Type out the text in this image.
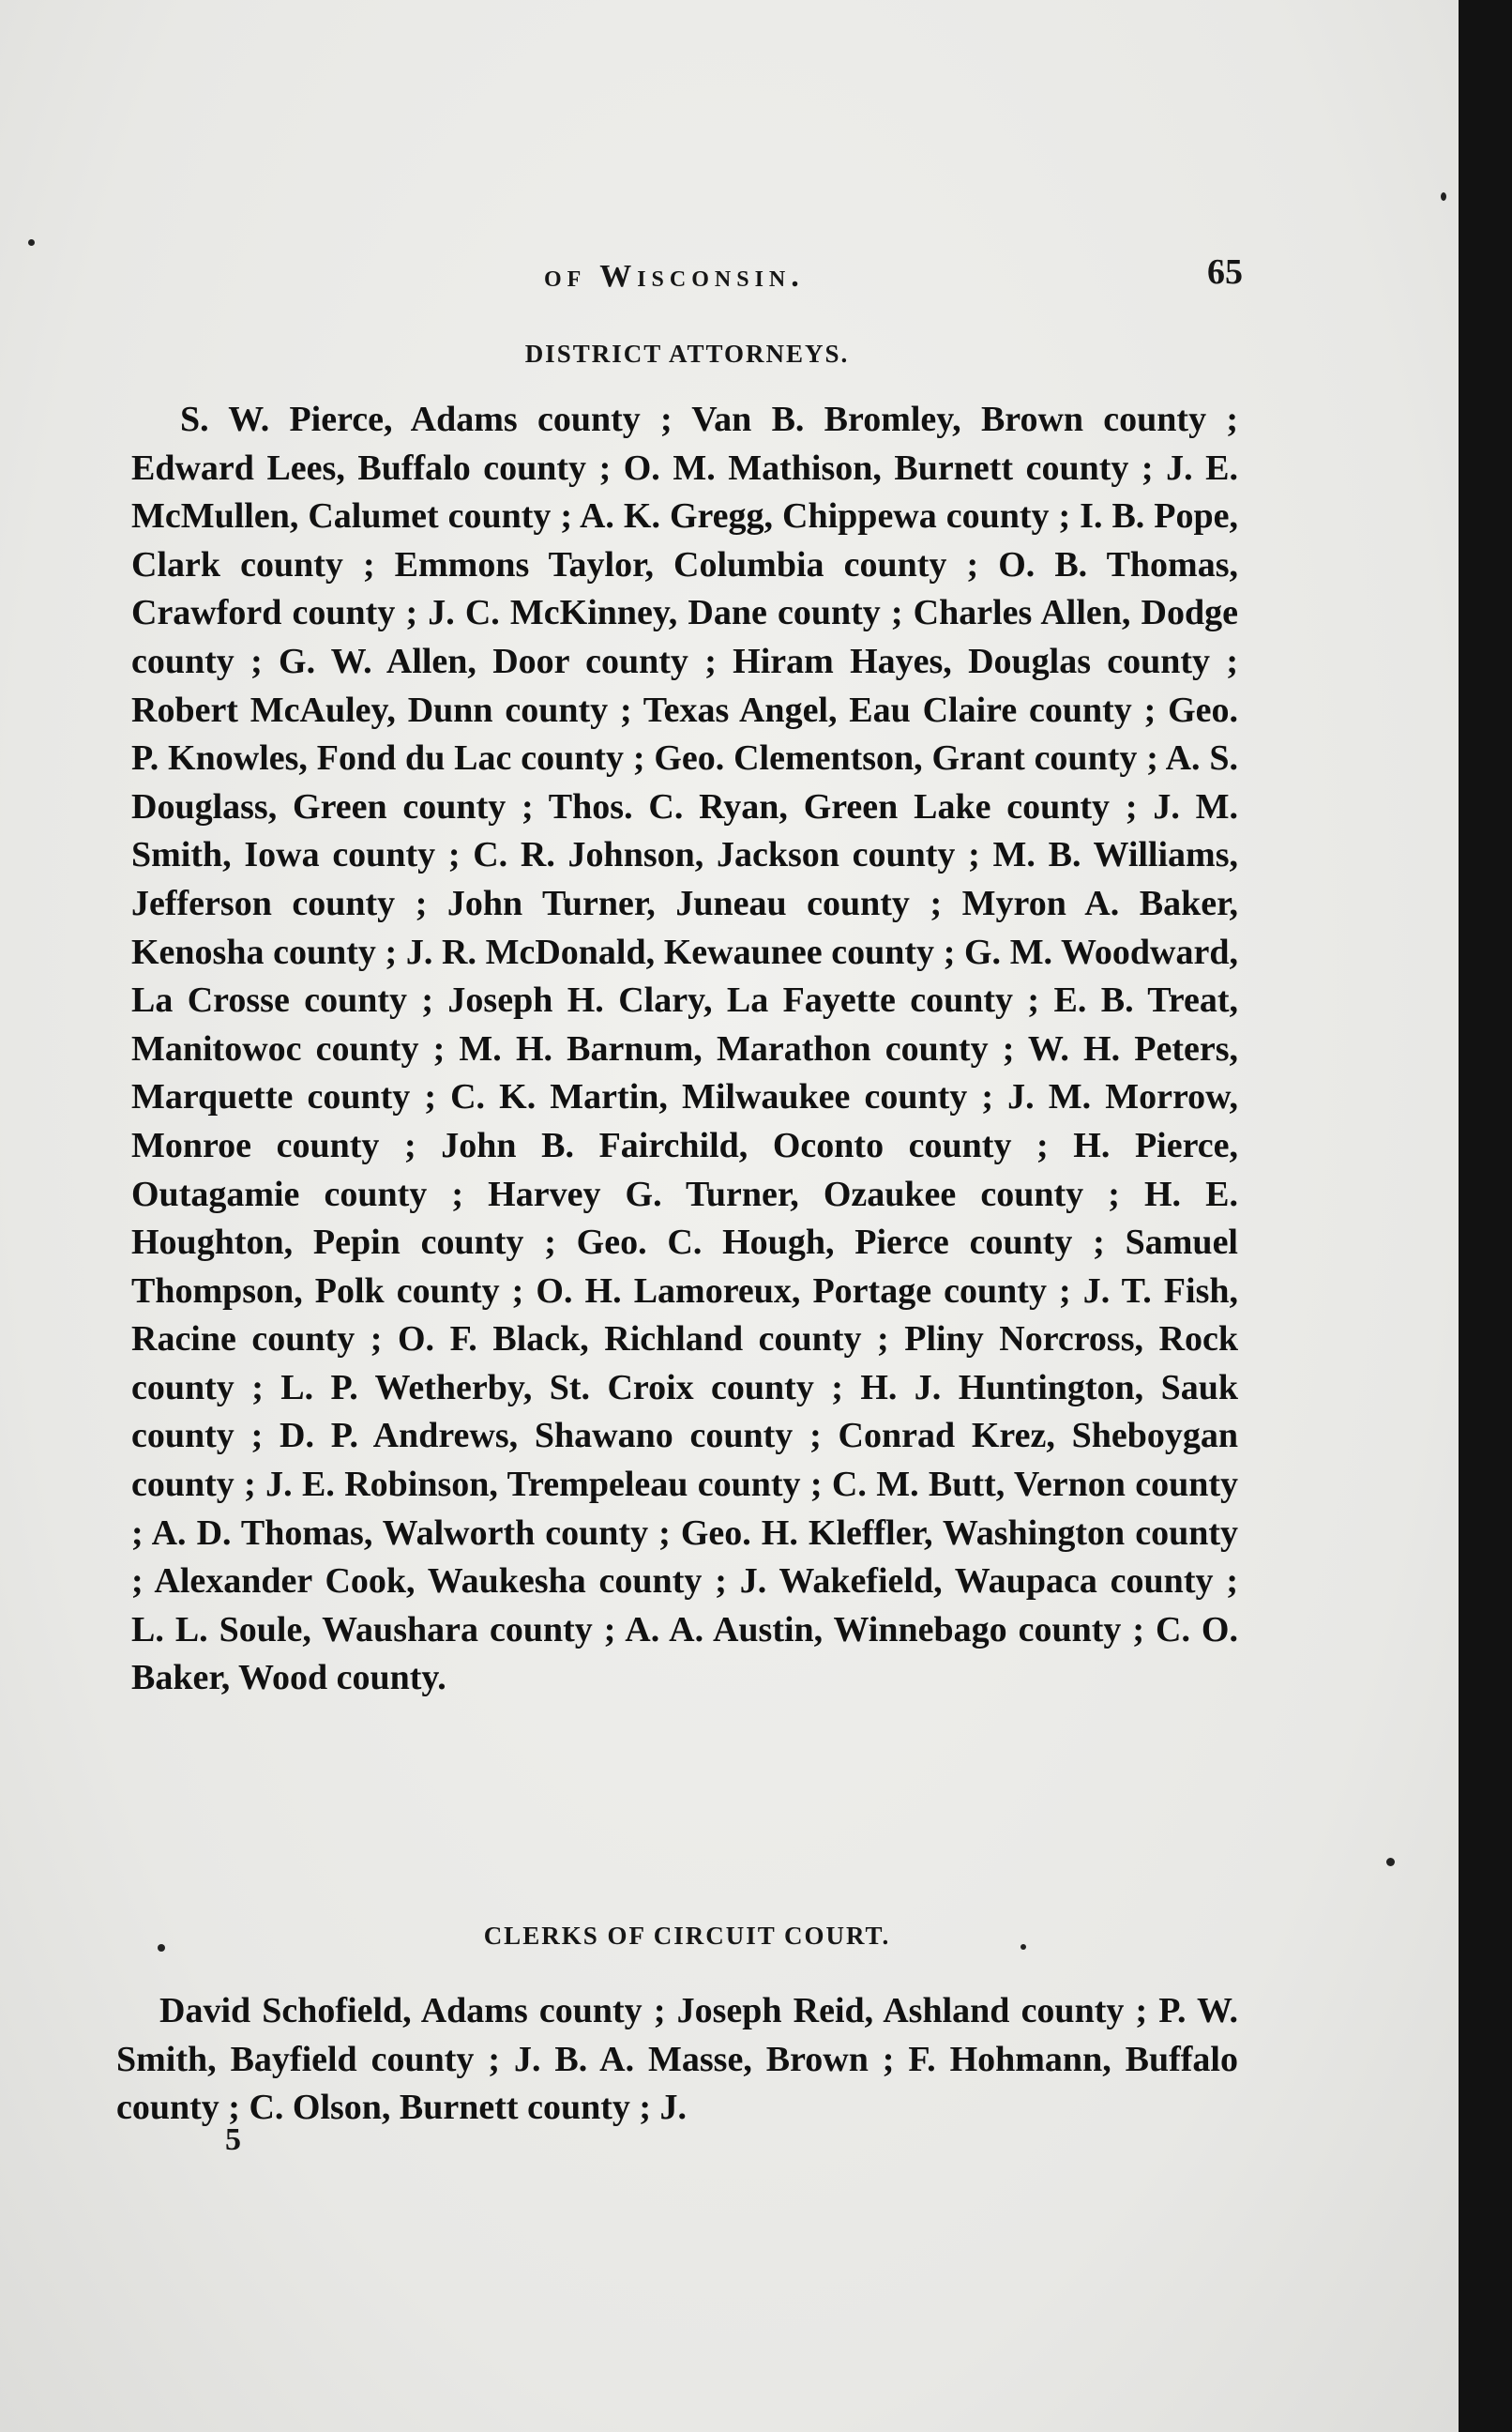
of Wisconsin.	65
DISTRICT ATTORNEYS.
S. W. Pierce, Adams county ; Van B. Bromley, Brown county ; Edward Lees, Buffalo county ; O. M. Mathison, Burnett county ; J. E. McMullen, Calumet county ; A. K. Gregg, Chippewa county ; I. B. Pope, Clark county ; Emmons Taylor, Columbia county ; O. B. Thomas, Crawford county ; J. C. McKinney, Dane county ; Charles Allen, Dodge county ; G. W. Allen, Door county ; Hiram Hayes, Douglas county ; Robert McAuley, Dunn county ; Texas Angel, Eau Claire county ; Geo. P. Knowles, Fond du Lac county ; Geo. Clementson, Grant county ; A. S. Douglass, Green county ; Thos. C. Ryan, Green Lake county ; J. M. Smith, Iowa county ; C. R. Johnson, Jackson county ; M. B. Williams, Jefferson county ; John Turner, Juneau county ; Myron A. Baker, Kenosha county ; J. R. McDonald, Kewaunee county ; G. M. Woodward, La Crosse county ; Joseph H. Clary, La Fayette county ; E. B. Treat, Manitowoc county ; M. H. Barnum, Marathon county ; W. H. Peters, Marquette county ; C. K. Martin, Milwaukee county ; J. M. Morrow, Monroe county ; John B. Fairchild, Oconto county ; H. Pierce, Outagamie county ; Harvey G. Turner, Ozaukee county ; H. E. Houghton, Pepin county ; Geo. C. Hough, Pierce county ; Samuel Thompson, Polk county ; O. H. Lamoreux, Portage county ; J. T. Fish, Racine county ; O. F. Black, Richland county ; Pliny Norcross, Rock county ; L. P. Wetherby, St. Croix county ; H. J. Huntington, Sauk county ; D. P. Andrews, Shawano county ; Conrad Krez, Sheboygan county ; J. E. Robinson, Trempeleau county ; C. M. Butt, Vernon county ; A. D. Thomas, Walworth county ; Geo. H. Kleffler, Washington county ; Alexander Cook, Waukesha county ; J. Wakefield, Waupaca county ; L. L. Soule, Waushara county ; A. A. Austin, Winnebago county ; C. O. Baker, Wood county.
CLERKS OF CIRCUIT COURT.
David Schofield, Adams county ; Joseph Reid, Ashland county ; P. W. Smith, Bayfield county ; J. B. A. Masse, Brown ; F. Hohmann, Buffalo county ; C. Olson, Burnett county ; J.
5
